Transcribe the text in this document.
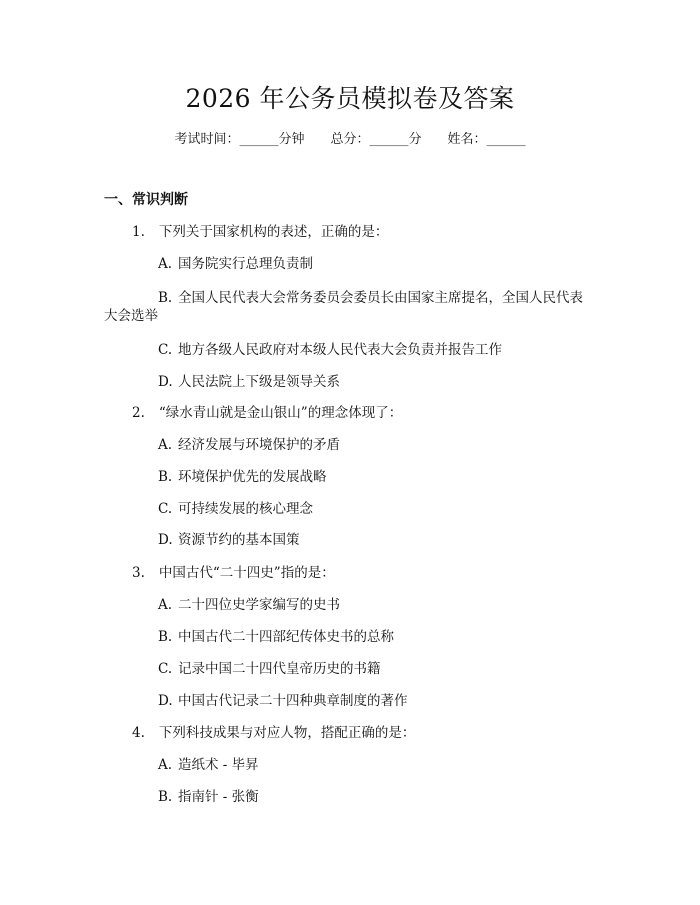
2026 年公务员模拟卷及答案
考试时间：______分钟 总分：______分 姓名：______
一、常识判断
1. 下列关于国家机构的表述，正确的是：
A. 国务院实行总理负责制
B. 全国人民代表大会常务委员会委员长由国家主席提名，全国人民代表
大会选举
C. 地方各级人民政府对本级人民代表大会负责并报告工作
D. 人民法院上下级是领导关系
2. “绿水青山就是金山银山”的理念体现了：
A. 经济发展与环境保护的矛盾
B. 环境保护优先的发展战略
C. 可持续发展的核心理念
D. 资源节约的基本国策
3. 中国古代“二十四史”指的是：
A. 二十四位史学家编写的史书
B. 中国古代二十四部纪传体史书的总称
C. 记录中国二十四代皇帝历史的书籍
D. 中国古代记录二十四种典章制度的著作
4. 下列科技成果与对应人物，搭配正确的是：
A. 造纸术 - 毕昇
B. 指南针 - 张衡
